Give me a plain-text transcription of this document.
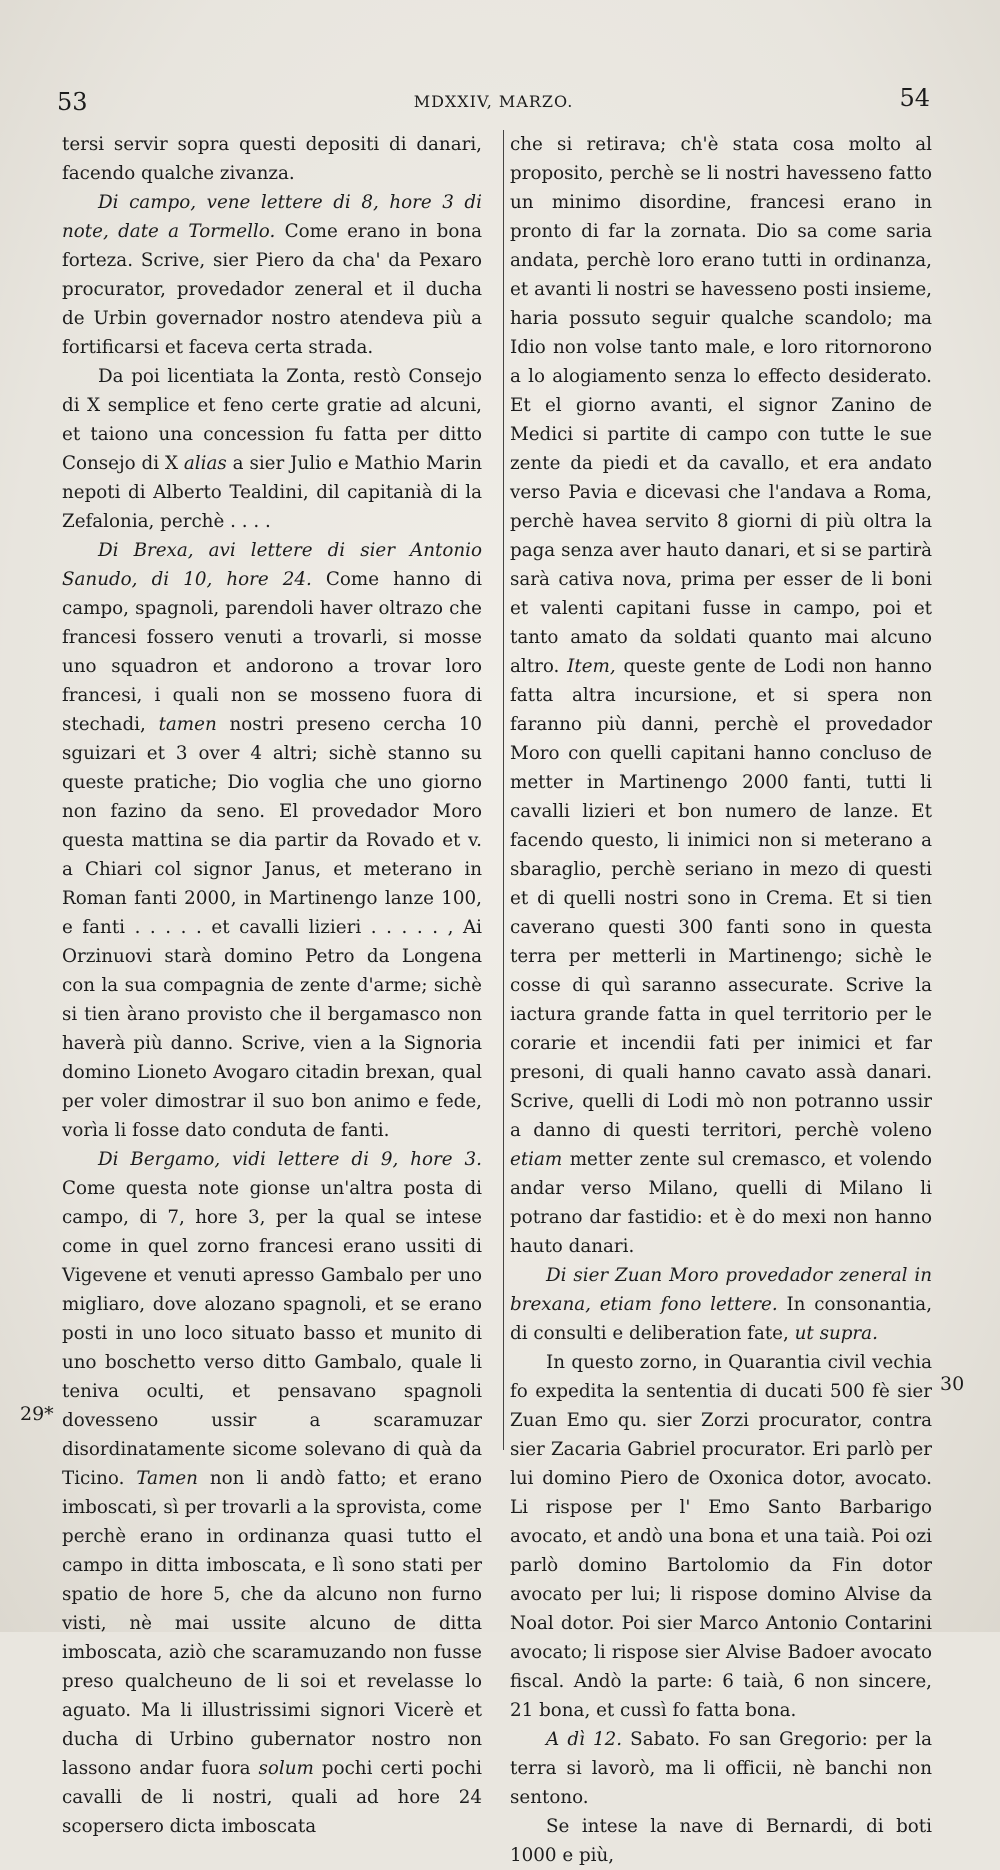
53	MDXXIV, MARZO.	54
29*
30

tersi servir sopra questi depositi di danari, facendo qualche zivanza.

Di campo, vene lettere di 8, hore 3 di note, date a Tormello. Come erano in bona forteza. Scrive, sier Piero da cha' da Pexaro procurator, provedador zeneral et il ducha de Urbin governador nostro atendeva più a fortificarsi et faceva certa strada.

Da poi licentiata la Zonta, restò Consejo di X semplice et feno certe gratie ad alcuni, et taiono una concession fu fatta per ditto Consejo di X alias a sier Julio e Mathio Marin nepoti di Alberto Tealdini, dil capitanià di la Zefalonia, perchè . . . .

Di Brexa, avi lettere di sier Antonio Sanudo, di 10, hore 24. Come hanno di campo, spagnoli, parendoli haver oltrazo che francesi fossero venuti a trovarli, si mosse uno squadron et andorono a trovar loro francesi, i quali non se mosseno fuora di stechadi, tamen nostri preseno cercha 10 sguizari et 3 over 4 altri; sichè stanno su queste pratiche; Dio voglia che uno giorno non fazino da seno. El provedador Moro questa mattina se dia partir da Rovado et v. a Chiari col signor Janus, et meterano in Roman fanti 2000, in Martinengo lanze 100, e fanti . . . . . et cavalli lizieri . . . . . , Ai Orzinuovi starà domino Petro da Longena con la sua compagnia de zente d'arme; sichè si tien àrano provisto che il bergamasco non haverà più danno. Scrive, vien a la Signoria domino Lioneto Avogaro citadin brexan, qual per voler dimostrar il suo bon animo e fede, vorìa li fosse dato conduta de fanti.

Di Bergamo, vidi lettere di 9, hore 3. Come questa note gionse un'altra posta di campo, di 7, hore 3, per la qual se intese come in quel zorno francesi erano ussiti di Vigevene et venuti apresso Gambalo per uno migliaro, dove alozano spagnoli, et se erano posti in uno loco situato basso et munito di uno boschetto verso ditto Gambalo, quale li teniva oculti, et pensavano spagnoli dovesseno ussir a scaramuzar disordinatamente sicome solevano di quà da Ticino. Tamen non li andò fatto; et erano imboscati, sì per trovarli a la sprovista, come perchè erano in ordinanza quasi tutto el campo in ditta imboscata, e lì sono stati per spatio de hore 5, che da alcuno non furno visti, nè mai ussite alcuno de ditta imboscata, aziò che scaramuzando non fusse preso qualcheuno de li soi et revelasse lo aguato. Ma li illustrissimi signori Vicerè et ducha di Urbino gubernator nostro non lassono andar fuora solum pochi certi pochi cavalli de li nostri, quali ad hore 24 scopersero dicta imboscata

che si retirava; ch'è stata cosa molto al proposito, perchè se li nostri havesseno fatto un minimo disordine, francesi erano in pronto di far la zornata. Dio sa come saria andata, perchè loro erano tutti in ordinanza, et avanti li nostri se havesseno posti insieme, haria possuto seguir qualche scandolo; ma Idio non volse tanto male, e loro ritornorono a lo alogiamento senza lo effecto desiderato. Et el giorno avanti, el signor Zanino de Medici si partite di campo con tutte le sue zente da piedi et da cavallo, et era andato verso Pavia e dicevasi che l'andava a Roma, perchè havea servito 8 giorni di più oltra la paga senza aver hauto danari, et si se partirà sarà cativa nova, prima per esser de li boni et valenti capitani fusse in campo, poi et tanto amato da soldati quanto mai alcuno altro. Item, queste gente de Lodi non hanno fatta altra incursione, et si spera non faranno più danni, perchè el provedador Moro con quelli capitani hanno concluso de metter in Martinengo 2000 fanti, tutti li cavalli lizieri et bon numero de lanze. Et facendo questo, li inimici non si meterano a sbaraglio, perchè seriano in mezo di questi et di quelli nostri sono in Crema. Et si tien caverano questi 300 fanti sono in questa terra per metterli in Martinengo; sichè le cosse di quì saranno assecurate. Scrive la iactura grande fatta in quel territorio per le corarie et incendii fati per inimici et far presoni, di quali hanno cavato assà danari. Scrive, quelli di Lodi mò non potranno ussir a danno di questi territori, perchè voleno etiam metter zente sul cremasco, et volendo andar verso Milano, quelli di Milano li potrano dar fastidio: et è do mexi non hanno hauto danari.

Di sier Zuan Moro provedador zeneral in brexana, etiam fono lettere. In consonantia, di consulti e deliberation fate, ut supra.

In questo zorno, in Quarantia civil vechia fo expedita la sententia di ducati 500 fè sier Zuan Emo qu. sier Zorzi procurator, contra sier Zacaria Gabriel procurator. Eri parlò per lui domino Piero de Oxonica dotor, avocato. Li rispose per l' Emo Santo Barbarigo avocato, et andò una bona et una taià. Poi ozi parlò domino Bartolomio da Fin dotor avocato per lui; li rispose domino Alvise da Noal dotor. Poi sier Marco Antonio Contarini avocato; li rispose sier Alvise Badoer avocato fiscal. Andò la parte: 6 taià, 6 non sincere, 21 bona, et cussì fo fatta bona.

A dì 12. Sabato. Fo san Gregorio: per la terra si lavorò, ma li officii, nè banchi non sentono.

Se intese la nave di Bernardi, di boti 1000 e più,
